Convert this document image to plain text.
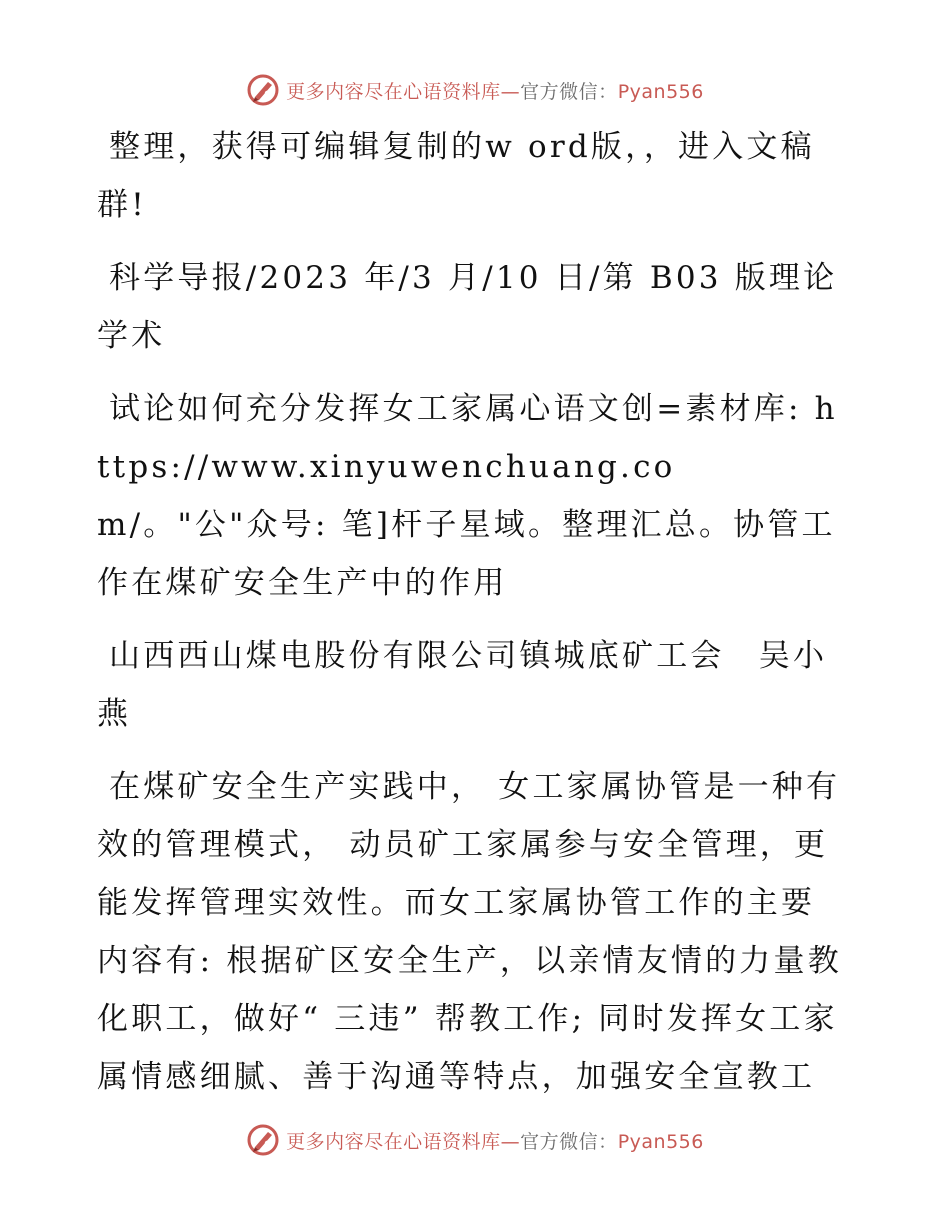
更多内容尽在心语资料库—官方微信：Pyan556

整理，获得可编辑复制的w ord版，，进入文稿群!

科学导报/2023 年/3 月/10 日/第 B03 版理论学术

试论如何充分发挥女工家属心语文创=素材库: https://www.xinyuwenchuang.com/。"公"众号: 笔]杆子星域。整理汇总。协管工作在煤矿安全生产中的作用

山西西山煤电股份有限公司镇城底矿工会　吴小燕

在煤矿安全生产实践中， 女工家属协管是一种有效的管理模式， 动员矿工家属参与安全管理，更能发挥管理实效性。而女工家属协管工作的主要内容有: 根据矿区安全生产，以亲情友情的力量教化职工，做好“ 三违” 帮教工作; 同时发挥女工家属情感细腻、善于沟通等特点，加强安全宣教工

更多内容尽在心语资料库—官方微信：Pyan556
